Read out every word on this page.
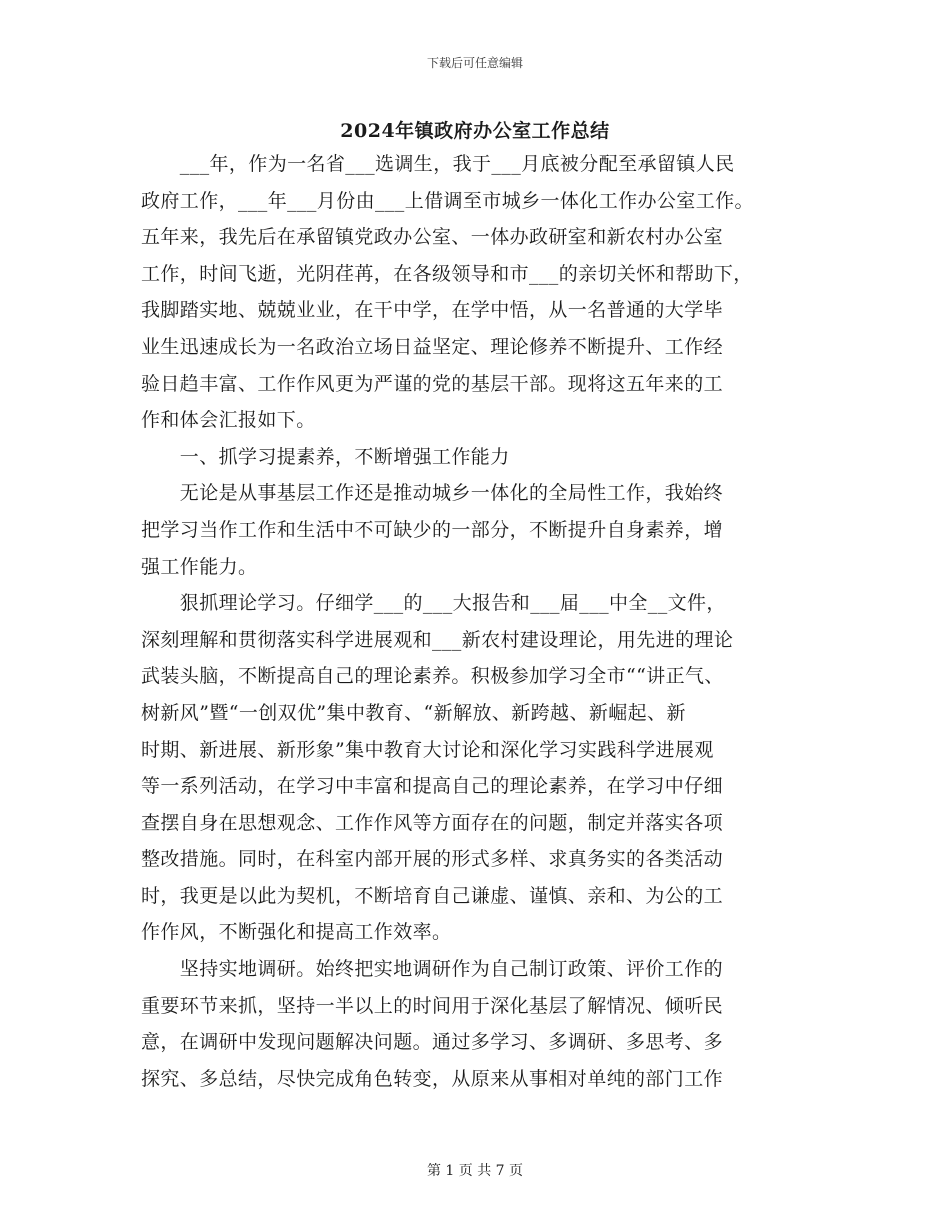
下载后可任意编辑
2024年镇政府办公室工作总结
　　___年，作为一名省___选调生，我于___月底被分配至承留镇人民
政府工作，___年___月份由___上借调至市城乡一体化工作办公室工作。
五年来，我先后在承留镇党政办公室、一体办政研室和新农村办公室
工作，时间飞逝，光阴荏苒，在各级领导和市___的亲切关怀和帮助下，
我脚踏实地、兢兢业业，在干中学，在学中悟，从一名普通的大学毕
业生迅速成长为一名政治立场日益坚定、理论修养不断提升、工作经
验日趋丰富、工作作风更为严谨的党的基层干部。现将这五年来的工
作和体会汇报如下。
　　一、抓学习提素养，不断增强工作能力
　　无论是从事基层工作还是推动城乡一体化的全局性工作，我始终
把学习当作工作和生活中不可缺少的一部分，不断提升自身素养，增
强工作能力。
　　狠抓理论学习。仔细学___的___大报告和___届___中全__文件，
深刻理解和贯彻落实科学进展观和___新农村建设理论，用先进的理论
武装头脑，不断提高自己的理论素养。积极参加学习全市““讲正气、
树新风”暨“一创双优”集中教育、“新解放、新跨越、新崛起、新
时期、新进展、新形象”集中教育大讨论和深化学习实践科学进展观
等一系列活动，在学习中丰富和提高自己的理论素养，在学习中仔细
查摆自身在思想观念、工作作风等方面存在的问题，制定并落实各项
整改措施。同时，在科室内部开展的形式多样、求真务实的各类活动
时，我更是以此为契机，不断培育自己谦虚、谨慎、亲和、为公的工
作作风，不断强化和提高工作效率。
　　坚持实地调研。始终把实地调研作为自己制订政策、评价工作的
重要环节来抓，坚持一半以上的时间用于深化基层了解情况、倾听民
意，在调研中发现问题解决问题。通过多学习、多调研、多思考、多
探究、多总结，尽快完成角色转变，从原来从事相对单纯的部门工作
第 1 页 共 7 页
